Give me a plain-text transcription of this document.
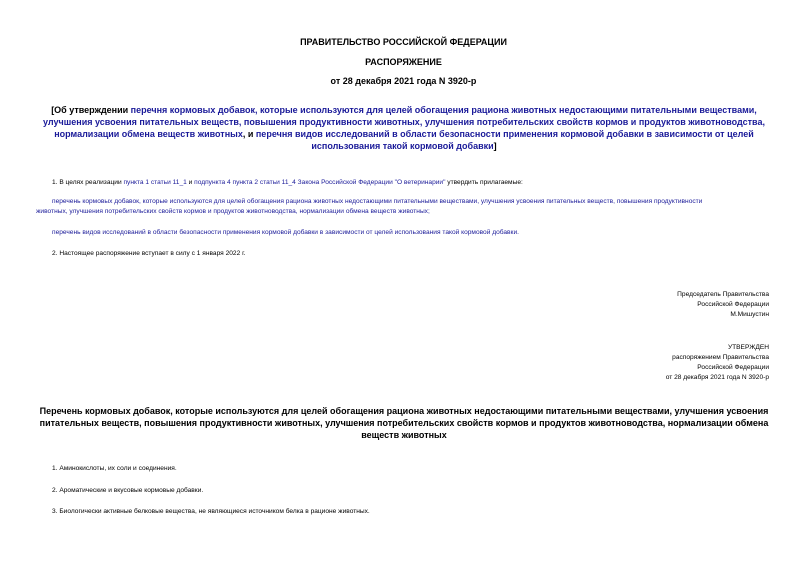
ПРАВИТЕЛЬСТВО РОССИЙСКОЙ ФЕДЕРАЦИИ
РАСПОРЯЖЕНИЕ
от 28 декабря 2021 года N 3920-р
[Об утверждении перечня кормовых добавок, которые используются для целей обогащения рациона животных недостающими питательными веществами, улучшения усвоения питательных веществ, повышения продуктивности животных, улучшения потребительских свойств кормов и продуктов животноводства, нормализации обмена веществ животных, и перечня видов исследований в области безопасности применения кормовой добавки в зависимости от целей использования такой кормовой добавки]
1. В целях реализации пункта 1 статьи 11_1 и подпункта 4 пункта 2 статьи 11_4 Закона Российской Федерации "О ветеринарии" утвердить прилагаемые:
перечень кормовых добавок, которые используются для целей обогащения рациона животных недостающими питательными веществами, улучшения усвоения питательных веществ, повышения продуктивности
животных, улучшения потребительских свойств кормов и продуктов животноводства, нормализации обмена веществ животных;
перечень видов исследований в области безопасности применения кормовой добавки в зависимости от целей использования такой кормовой добавки.
2. Настоящее распоряжение вступает в силу с 1 января 2022 г.
Председатель Правительства
Российской Федерации
М.Мишустин
УТВЕРЖДЕН
распоряжением Правительства
Российской Федерации
от 28 декабря 2021 года N 3920-р
Перечень кормовых добавок, которые используются для целей обогащения рациона животных недостающими питательными веществами, улучшения усвоения питательных веществ, повышения продуктивности животных, улучшения потребительских свойств кормов и продуктов животноводства, нормализации обмена веществ животных
1. Аминокислоты, их соли и соединения.
2. Ароматические и вкусовые кормовые добавки.
3. Биологически активные белковые вещества, не являющиеся источником белка в рационе животных.
